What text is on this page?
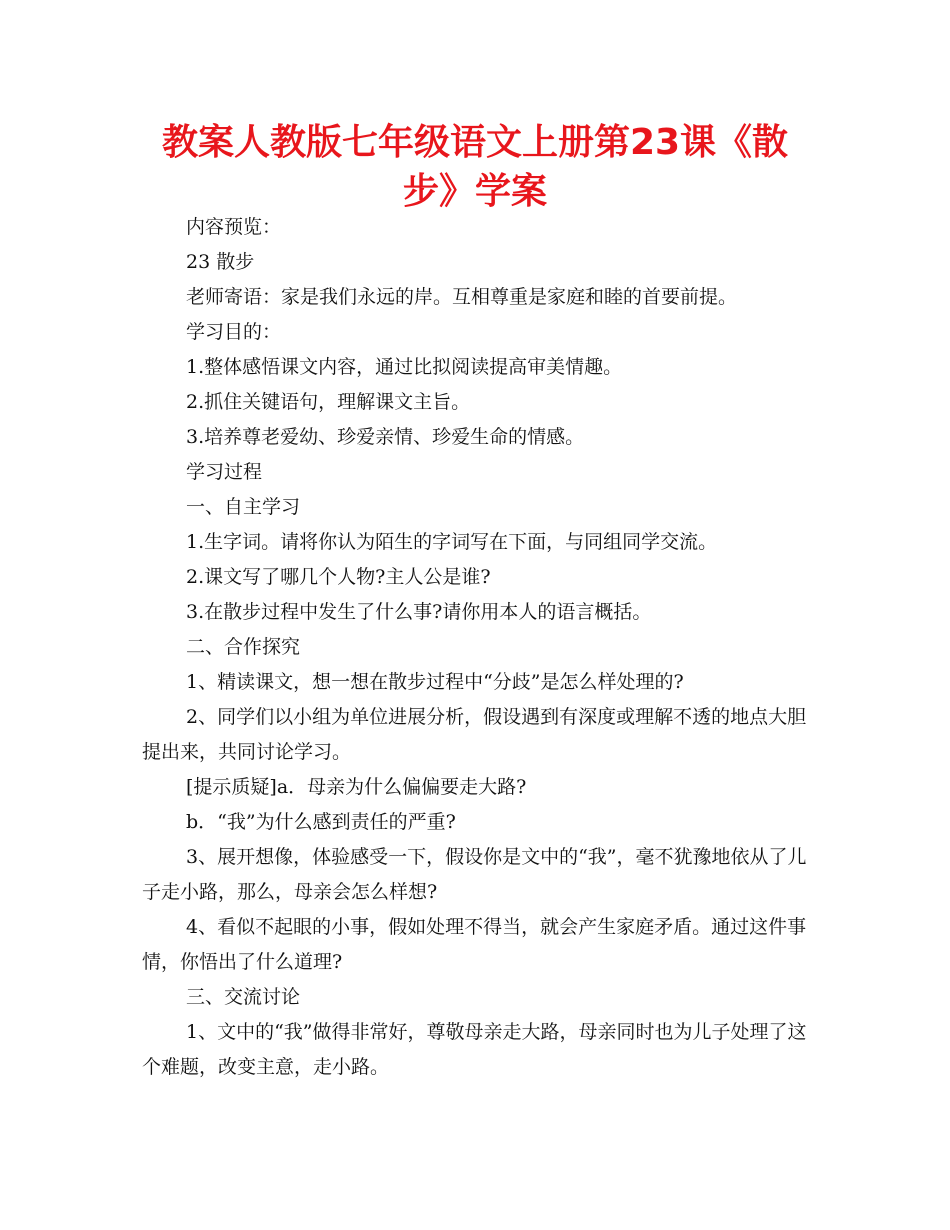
教案人教版七年级语文上册第23课《散步》学案

内容预览：

23 散步

老师寄语：家是我们永远的岸。互相尊重是家庭和睦的首要前提。

学习目的：

1.整体感悟课文内容，通过比拟阅读提高审美情趣。

2.抓住关键语句，理解课文主旨。

3.培养尊老爱幼、珍爱亲情、珍爱生命的情感。

学习过程

一、自主学习

1.生字词。请将你认为陌生的字词写在下面，与同组同学交流。

2.课文写了哪几个人物?主人公是谁?

3.在散步过程中发生了什么事?请你用本人的语言概括。

二、合作探究

1、精读课文，想一想在散步过程中“分歧”是怎么样处理的?

2、同学们以小组为单位进展分析，假设遇到有深度或理解不透的地点大胆提出来，共同讨论学习。

[提示质疑]a．母亲为什么偏偏要走大路?

b．“我”为什么感到责任的严重?

3、展开想像，体验感受一下，假设你是文中的“我”，毫不犹豫地依从了儿子走小路，那么，母亲会怎么样想?

4、看似不起眼的小事，假如处理不得当，就会产生家庭矛盾。通过这件事情，你悟出了什么道理?

三、交流讨论

1、文中的“我”做得非常好，尊敬母亲走大路，母亲同时也为儿子处理了这个难题，改变主意，走小路。
